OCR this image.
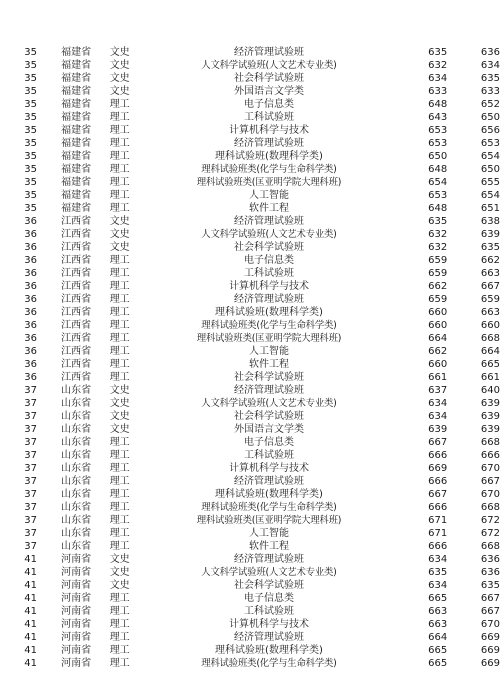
35	福建省	文史	经济管理试验班	635	636
35	福建省	文史	人文科学试验班(人文艺术专业类)	632	634
35	福建省	文史	社会科学试验班	634	635
35	福建省	文史	外国语言文学类	633	633
35	福建省	理工	电子信息类	648	652
35	福建省	理工	工科试验班	643	650
35	福建省	理工	计算机科学与技术	653	656
35	福建省	理工	经济管理试验班	653	653
35	福建省	理工	理科试验班(数理科学类)	650	654
35	福建省	理工	理科试验班类(化学与生命科学类)	648	650
35	福建省	理工	理科试验班类(匡亚明学院大理科班)	654	655
35	福建省	理工	人工智能	653	654
35	福建省	理工	软件工程	648	651
36	江西省	文史	经济管理试验班	635	638
36	江西省	文史	人文科学试验班(人文艺术专业类)	632	639
36	江西省	文史	社会科学试验班	632	635
36	江西省	理工	电子信息类	659	662
36	江西省	理工	工科试验班	659	663
36	江西省	理工	计算机科学与技术	662	667
36	江西省	理工	经济管理试验班	659	659
36	江西省	理工	理科试验班(数理科学类)	660	663
36	江西省	理工	理科试验班类(化学与生命科学类)	660	660
36	江西省	理工	理科试验班类(匡亚明学院大理科班)	664	668
36	江西省	理工	人工智能	662	664
36	江西省	理工	软件工程	660	665
36	江西省	理工	社会科学试验班	661	661
37	山东省	文史	经济管理试验班	637	640
37	山东省	文史	人文科学试验班(人文艺术专业类)	634	639
37	山东省	文史	社会科学试验班	634	639
37	山东省	文史	外国语言文学类	639	639
37	山东省	理工	电子信息类	667	668
37	山东省	理工	工科试验班	666	666
37	山东省	理工	计算机科学与技术	669	670
37	山东省	理工	经济管理试验班	666	667
37	山东省	理工	理科试验班(数理科学类)	667	670
37	山东省	理工	理科试验班类(化学与生命科学类)	666	668
37	山东省	理工	理科试验班类(匡亚明学院大理科班)	671	672
37	山东省	理工	人工智能	671	672
37	山东省	理工	软件工程	666	668
41	河南省	文史	经济管理试验班	634	636
41	河南省	文史	人文科学试验班(人文艺术专业类)	635	636
41	河南省	文史	社会科学试验班	634	635
41	河南省	理工	电子信息类	665	667
41	河南省	理工	工科试验班	663	667
41	河南省	理工	计算机科学与技术	663	670
41	河南省	理工	经济管理试验班	664	669
41	河南省	理工	理科试验班(数理科学类)	665	669
41	河南省	理工	理科试验班类(化学与生命科学类)	665	669
